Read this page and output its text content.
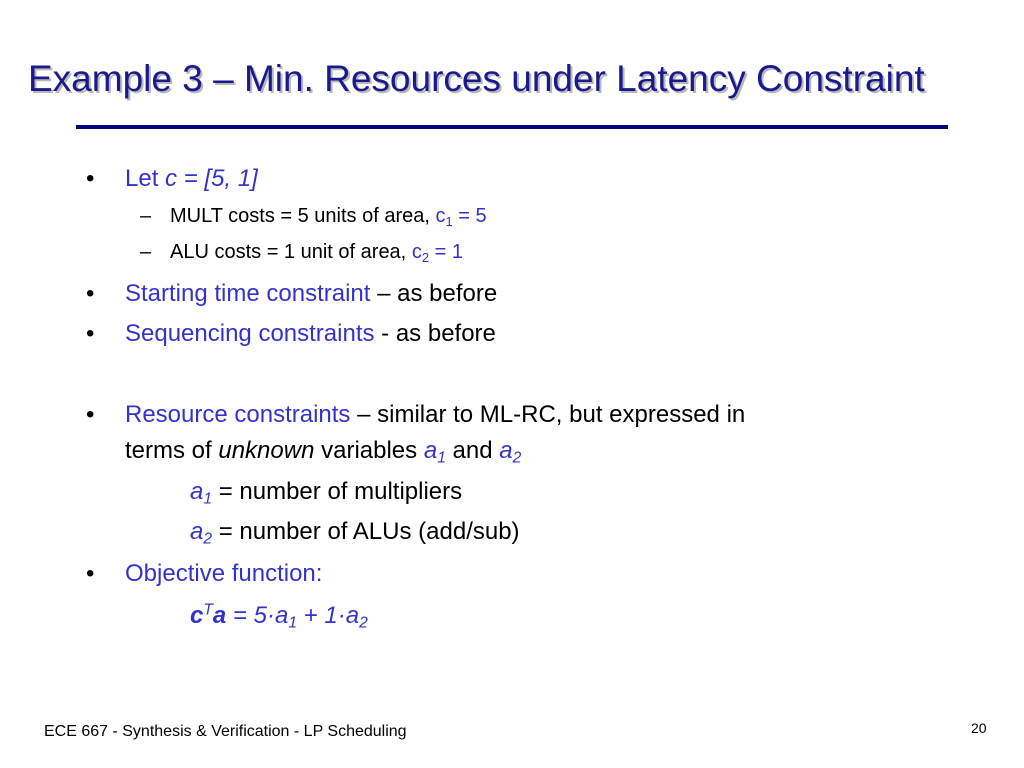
Example 3 – Min. Resources under Latency Constraint
• Let c = [5, 1]
– MULT costs = 5 units of area, $c_1 = 5$
– ALU costs = 1 unit of area, $c_2 = 1$
• Starting time constraint – as before
• Sequencing constraints - as before
• Resource constraints – similar to ML-RC, but expressed in
terms of unknown variables $a_1$ and $a_2$
$a_1$ = number of multipliers
$a_2$ = number of ALUs (add/sub)
• Objective function:
$c^Ta = 5\cdot a_1 + 1\cdot a_2$
ECE 667 - Synthesis & Verification - LP Scheduling	20
